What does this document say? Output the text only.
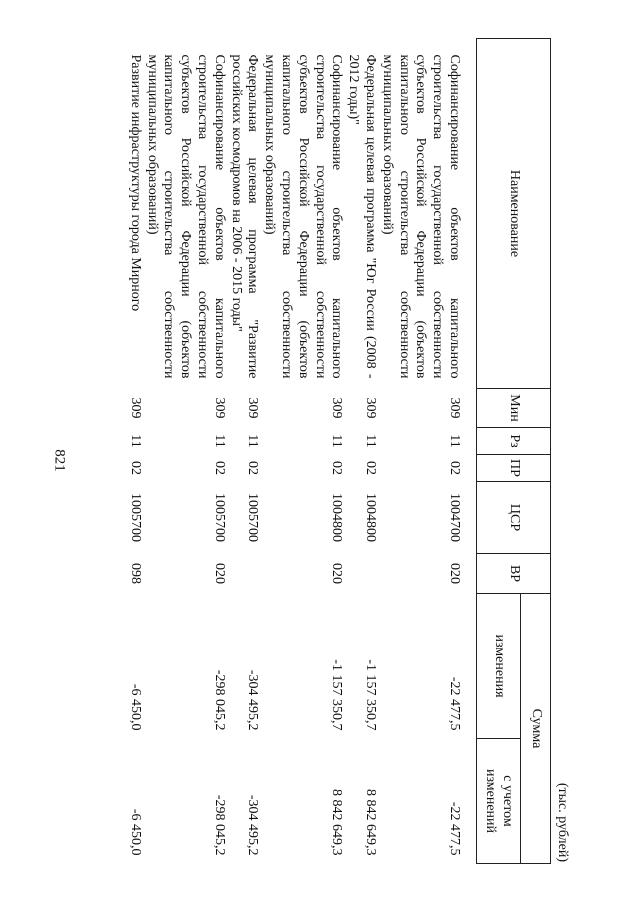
821
(тыс. рублей)
Наименование	Мин	Рз	ПР	ЦСР	ВР	Сумма	
						изменения	с учетом изменений
Софинансирование объектов капитального строительства государственной собственности субъектов Российской Федерации (объектов капитального строительства собственности муниципальных образований)	309	11	02	1004700	020	-22 477,5	-22 477,5
Федеральная целевая программа "Юг России (2008 - 2012 годы)"	309	11	02	1004800		-1 157 350,7	8 842 649,3
Софинансирование объектов капитального строительства государственной собственности субъектов Российской Федерации (объектов капитального строительства собственности муниципальных образований)	309	11	02	1004800	020	-1 157 350,7	8 842 649,3
Федеральная целевая программа "Развитие российских космодромов на 2006 - 2015 годы"	309	11	02	1005700		-304 495,2	-304 495,2
Софинансирование объектов капитального строительства государственной собственности субъектов Российской Федерации (объектов капитального строительства собственности муниципальных образований)	309	11	02	1005700	020	-298 045,2	-298 045,2
Развитие инфраструктуры города Мирного	309	11	02	1005700	098	-6 450,0	-6 450,0
